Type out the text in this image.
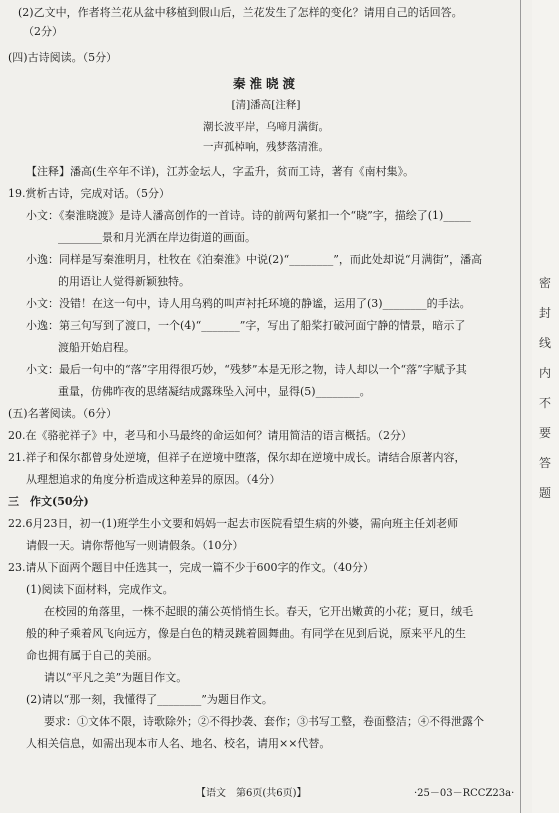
(2)乙文中，作者将兰花从盆中移植到假山后，兰花发生了怎样的变化？请用自己的话回答。
（2分）
(四)古诗阅读。（5分）
秦淮晓渡
[清]潘高[注释]
潮长波平岸，乌啼月满街。
一声孤棹响，残梦落清淮。
【注释】潘高(生卒年不详)，江苏金坛人，字孟升，贫而工诗，著有《南村集》。
19.赏析古诗，完成对话。（5分）
小文：《秦淮晓渡》是诗人潘高创作的一首诗。诗的前两句紧扣一个“晓”字，描绘了(1)_____
________景和月光洒在岸边街道的画面。
小逸：同样是写秦淮明月，杜牧在《泊秦淮》中说(2)“________”，而此处却说“月满街”，潘高
的用语让人觉得新颖独特。
小文：没错！在这一句中，诗人用乌鸦的叫声衬托环境的静谧，运用了(3)________的手法。
小逸：第三句写到了渡口，一个(4)“_______”字，写出了船桨打破河面宁静的情景，暗示了
渡船开始启程。
小文：最后一句中的“落”字用得很巧妙，“残梦”本是无形之物，诗人却以一个“落”字赋予其
重量，仿佛昨夜的思绪凝结成露珠坠入河中，显得(5)________。
(五)名著阅读。（6分）
20.在《骆驼祥子》中，老马和小马最终的命运如何？请用简洁的语言概括。（2分）
21.祥子和保尔都曾身处逆境，但祥子在逆境中堕落，保尔却在逆境中成长。请结合原著内容，
从理想追求的角度分析造成这种差异的原因。（4分）
三　作文(50分)
22.6月23日，初一(1)班学生小文要和妈妈一起去市医院看望生病的外婆，需向班主任刘老师
请假一天。请你帮他写一则请假条。（10分）
23.请从下面两个题目中任选其一，完成一篇不少于600字的作文。（40分）
(1)阅读下面材料，完成作文。
在校园的角落里，一株不起眼的蒲公英悄悄生长。春天，它开出嫩黄的小花；夏日，绒毛
般的种子乘着风飞向远方，像是白色的精灵跳着圆舞曲。有同学在见到后说，原来平凡的生
命也拥有属于自己的美丽。
请以“平凡之美”为题目作文。
(2)请以“那一刻，我懂得了________”为题目作文。
要求：①文体不限，诗歌除外；②不得抄袭、套作；③书写工整，卷面整洁；④不得泄露个
人相关信息，如需出现本市人名、地名、校名，请用××代替。
【语文　第6页(共6页)】	·25－03－RCCZ23a·
密封线内不要答题
